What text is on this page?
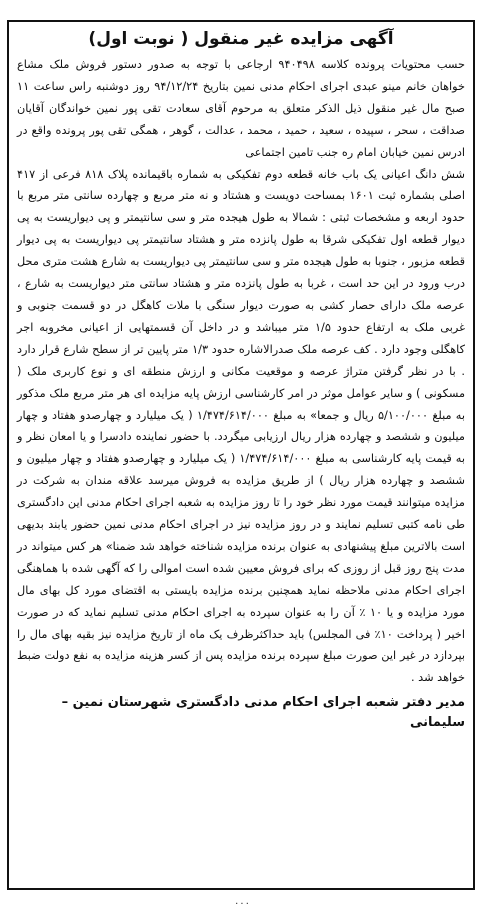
آگهی مزایده غیر منقول ( نوبت اول)

حسب محتویات پرونده کلاسه ۹۴۰۴۹۸ ارجاعی با توجه به صدور دستور فروش ملک مشاع خواهان خانم مینو عبدی اجرای احکام مدنی نمین بتاریخ ۹۴/۱۲/۲۴ روز دوشنبه راس ساعت ۱۱ صبح مال غیر منقول ذیل الذکر متعلق به مرحوم آقای سعادت تقی پور نمین خواندگان آقایان صداقت ، سحر ، سپیده ، سعید ، حمید ، محمد ، عدالت ، گوهر ، همگی تقی پور پرونده واقع در ادرس نمین خیابان امام ره جنب تامین اجتماعی

شش دانگ اعیانی یک باب خانه قطعه دوم تفکیکی به شماره باقیمانده پلاک ۸۱۸ فرعی از ۴۱۷ اصلی بشماره ثبت ۱۶۰۱ بمساحت دویست و هشتاد و نه متر مربع و چهارده سانتی متر مربع با حدود اربعه و مشخصات ثبتی : شمالا به طول هیجده متر و سی سانتیمتر و پی دیواریست به پی دیوار قطعه اول تفکیکی شرقا به طول پانزده متر و هشتاد سانتیمتر پی دیواریست به پی دیوار قطعه مزبور ، جنوبا به طول هیجده متر و سی سانتیمتر پی دیواریست به شارع هشت متری محل درب ورود در این حد است ، غربا به طول پانزده متر و هشتاد سانتی متر دیواریست به شارع ، عرصه ملک دارای حصار کشی به صورت دیوار سنگی با ملات کاهگل در دو قسمت جنوبی و غربی ملک به ارتفاع حدود ۱/۵ متر میباشد و در داخل آن قسمتهایی از اعیانی مخروبه اجر کاهگلی وجود دارد . کف عرصه ملک صدرالاشاره حدود ۱/۳ متر پایین تر از سطح شارع قرار دارد . با در نظر گرفتن متراژ عرصه و موقعیت مکانی و ارزش منطقه ای و نوع کاربری ملک ( مسکونی ) و سایر عوامل موثر در امر کارشناسی ارزش پایه مزایده ای هر متر مربع ملک مذکور به مبلغ ۵/۱۰۰/۰۰۰ ریال و جمعا» به مبلغ ۱/۴۷۴/۶۱۴/۰۰۰ ( یک میلیارد و چهارصدو هفتاد و چهار میلیون و ششصد و چهارده هزار ریال ارزیابی میگردد. با حضور نماینده دادسرا و یا امعان نظر و به قیمت پایه کارشناسی به مبلغ ۱/۴۷۴/۶۱۴/۰۰۰ ( یک میلیارد و چهارصدو هفتاد و چهار میلیون و ششصد و چهارده هزار ریال ) از طریق مزایده به فروش میرسد علاقه مندان به شرکت در مزایده میتوانند قیمت مورد نظر خود را تا روز مزایده به شعبه اجرای احکام مدنی این دادگستری طی نامه کتبی تسلیم نمایند و در روز مزایده نیز در اجرای احکام مدنی نمین حضور یابند بدیهی است بالاترین مبلغ پیشنهادی به عنوان برنده مزایده شناخته خواهد شد ضمنا» هر کس میتواند در مدت پنج روز قبل از روزی که برای فروش معیین شده است اموالی را که آگهی شده با هماهنگی اجرای احکام مدنی ملاحظه نماید همچنین برنده مزایده بایستی به اقتضای مورد کل بهای مال مورد مزایده و یا ۱۰ ٪ آن را به عنوان سپرده به اجرای احکام مدنی تسلیم نماید که در صورت اخیر ( پرداخت ۱۰٪ فی المجلس) باید حداکثرظرف یک ماه از تاریخ مزایده نیز بقیه بهای مال را بپردازد در غیر این صورت مبلغ سپرده برنده مزایده پس از کسر هزینه مزایده به نفع دولت ضبط خواهد شد .

مدیر دفتر شعبه اجرای احکام مدنی دادگستری شهرستان نمین – سلیمانی
٠٠٠
